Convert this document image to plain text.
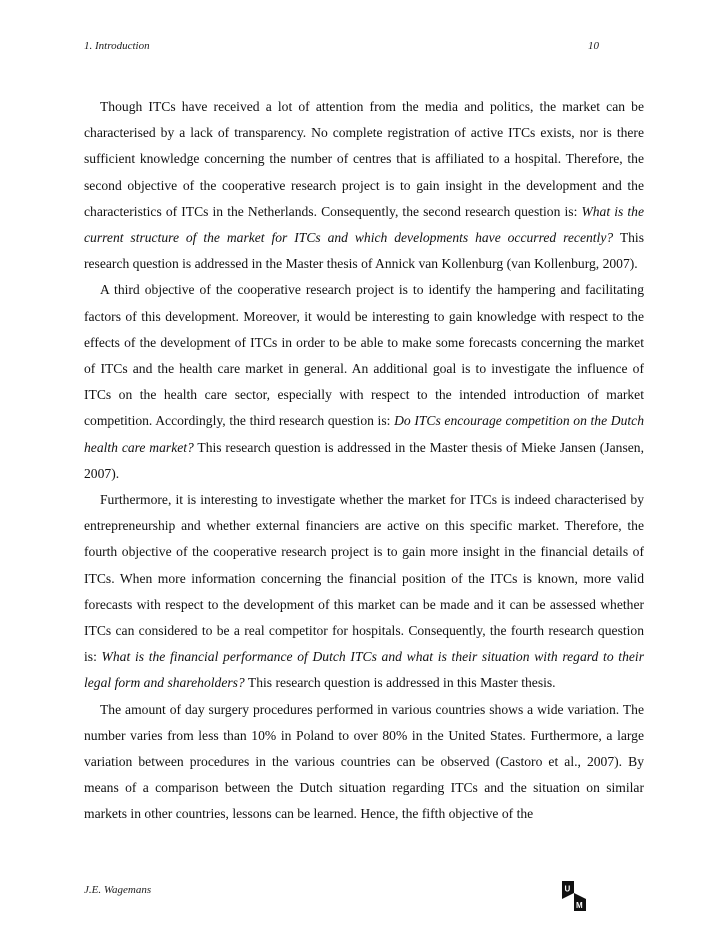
1. Introduction	10

Though ITCs have received a lot of attention from the media and politics, the market can be characterised by a lack of transparency. No complete registration of active ITCs exists, nor is there sufficient knowledge concerning the number of centres that is affiliated to a hospital. Therefore, the second objective of the cooperative research project is to gain insight in the development and the characteristics of ITCs in the Netherlands. Consequently, the second research question is: What is the current structure of the market for ITCs and which developments have occurred recently? This research question is addressed in the Master thesis of Annick van Kollenburg (van Kollenburg, 2007).

A third objective of the cooperative research project is to identify the hampering and facilitating factors of this development. Moreover, it would be interesting to gain knowledge with respect to the effects of the development of ITCs in order to be able to make some forecasts concerning the market of ITCs and the health care market in general. An additional goal is to investigate the influence of ITCs on the health care sector, especially with respect to the intended introduction of market competition. Accordingly, the third research question is: Do ITCs encourage competition on the Dutch health care market? This research question is addressed in the Master thesis of Mieke Jansen (Jansen, 2007).

Furthermore, it is interesting to investigate whether the market for ITCs is indeed characterised by entrepreneurship and whether external financiers are active on this specific market. Therefore, the fourth objective of the cooperative research project is to gain more insight in the financial details of ITCs. When more information concerning the financial position of the ITCs is known, more valid forecasts with respect to the development of this market can be made and it can be assessed whether ITCs can considered to be a real competitor for hospitals. Consequently, the fourth research question is: What is the financial performance of Dutch ITCs and what is their situation with regard to their legal form and shareholders? This research question is addressed in this Master thesis.

The amount of day surgery procedures performed in various countries shows a wide variation. The number varies from less than 10% in Poland to over 80% in the United States. Furthermore, a large variation between procedures in the various countries can be observed (Castoro et al., 2007). By means of a comparison between the Dutch situation regarding ITCs and the situation on similar markets in other countries, lessons can be learned. Hence, the fifth objective of the

J.E. Wagemans	U
M
